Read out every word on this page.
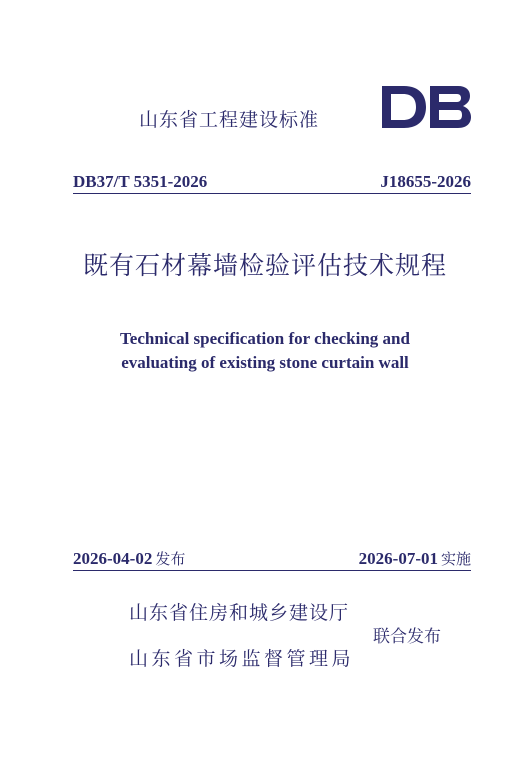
山东省工程建设标准
DB37/T 5351-2026	J18655-2026
既有石材幕墙检验评估技术规程
Technical specification for checking and
evaluating of existing stone curtain wall
2026-04-02 发布	2026-07-01 实施
山东省住房和城乡建设厅
山东省市场监督管理局
联合发布
